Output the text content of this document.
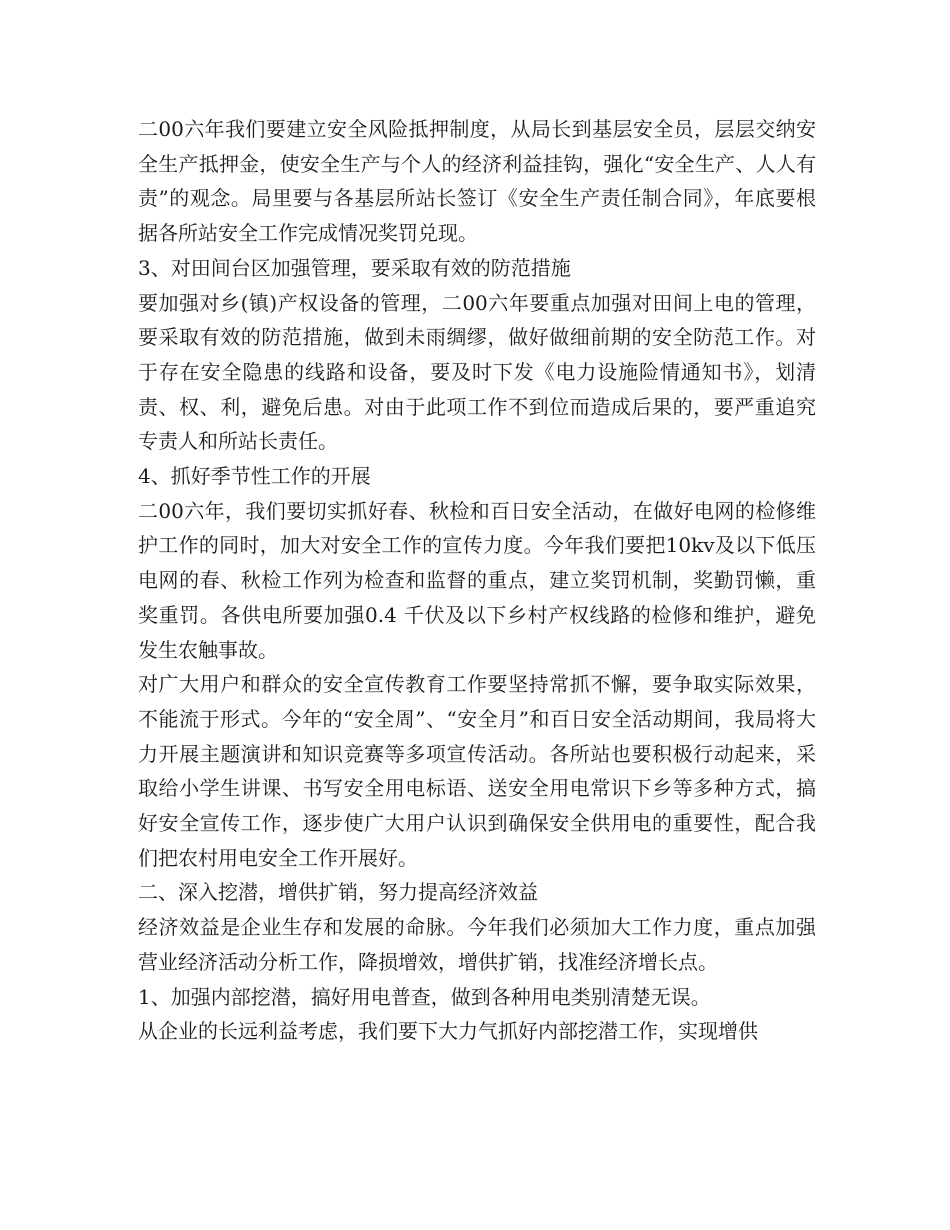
二00六年我们要建立安全风险抵押制度，从局长到基层安全员，层层交纳安全生产抵押金，使安全生产与个人的经济利益挂钩，强化“安全生产、人人有责”的观念。局里要与各基层所站长签订《安全生产责任制合同》，年底要根据各所站安全工作完成情况奖罚兑现。

3、对田间台区加强管理，要采取有效的防范措施

要加强对乡(镇)产权设备的管理，二00六年要重点加强对田间上电的管理，要采取有效的防范措施，做到未雨绸缪，做好做细前期的安全防范工作。对于存在安全隐患的线路和设备，要及时下发《电力设施险情通知书》，划清责、权、利，避免后患。对由于此项工作不到位而造成后果的，要严重追究专责人和所站长责任。

4、抓好季节性工作的开展

二00六年，我们要切实抓好春、秋检和百日安全活动，在做好电网的检修维护工作的同时，加大对安全工作的宣传力度。今年我们要把10kv及以下低压电网的春、秋检工作列为检查和监督的重点，建立奖罚机制，奖勤罚懒，重奖重罚。各供电所要加强0.4 千伏及以下乡村产权线路的检修和维护，避免发生农触事故。

对广大用户和群众的安全宣传教育工作要坚持常抓不懈，要争取实际效果，不能流于形式。今年的“安全周”、“安全月”和百日安全活动期间，我局将大力开展主题演讲和知识竞赛等多项宣传活动。各所站也要积极行动起来，采取给小学生讲课、书写安全用电标语、送安全用电常识下乡等多种方式，搞好安全宣传工作，逐步使广大用户认识到确保安全供用电的重要性，配合我们把农村用电安全工作开展好。

二、深入挖潜，增供扩销，努力提高经济效益

经济效益是企业生存和发展的命脉。今年我们必须加大工作力度，重点加强营业经济活动分析工作，降损增效，增供扩销，找准经济增长点。

1、加强内部挖潜，搞好用电普查，做到各种用电类别清楚无误。

从企业的长远利益考虑，我们要下大力气抓好内部挖潜工作，实现增供
